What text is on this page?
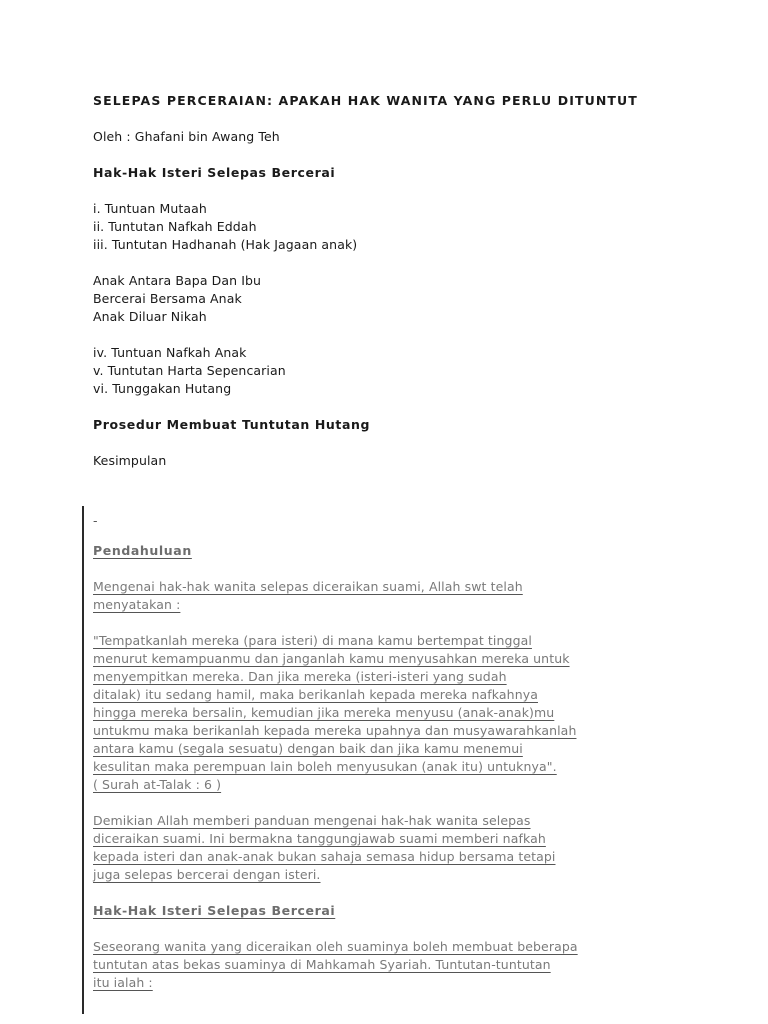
SELEPAS PERCERAIAN: APAKAH HAK WANITA YANG PERLU DITUNTUT
Oleh : Ghafani bin Awang Teh
Hak-Hak Isteri Selepas Bercerai
i. Tuntuan Mutaah
ii. Tuntutan Nafkah Eddah
iii. Tuntutan Hadhanah (Hak Jagaan anak)
Anak Antara Bapa Dan Ibu
Bercerai Bersama Anak
Anak Diluar Nikah
iv. Tuntuan Nafkah Anak
v. Tuntutan Harta Sepencarian
vi. Tunggakan Hutang
Prosedur Membuat Tuntutan Hutang
Kesimpulan
-
Pendahuluan
Mengenai hak-hak wanita selepas diceraikan suami, Allah swt telah
menyatakan :
"Tempatkanlah mereka (para isteri) di mana kamu bertempat tinggal
menurut kemampuanmu dan janganlah kamu menyusahkan mereka untuk
menyempitkan mereka. Dan jika mereka (isteri-isteri yang sudah
ditalak) itu sedang hamil, maka berikanlah kepada mereka nafkahnya
hingga mereka bersalin, kemudian jika mereka menyusu (anak-anak)mu
untukmu maka berikanlah kepada mereka upahnya dan musyawarahkanlah
antara kamu (segala sesuatu) dengan baik dan jika kamu menemui
kesulitan maka perempuan lain boleh menyusukan (anak itu) untuknya".
( Surah at-Talak : 6 )
Demikian Allah memberi panduan mengenai hak-hak wanita selepas
diceraikan suami. Ini bermakna tanggungjawab suami memberi nafkah
kepada isteri dan anak-anak bukan sahaja semasa hidup bersama tetapi
juga selepas bercerai dengan isteri.
Hak-Hak Isteri Selepas Bercerai
Seseorang wanita yang diceraikan oleh suaminya boleh membuat beberapa
tuntutan atas bekas suaminya di Mahkamah Syariah. Tuntutan-tuntutan
itu ialah :
